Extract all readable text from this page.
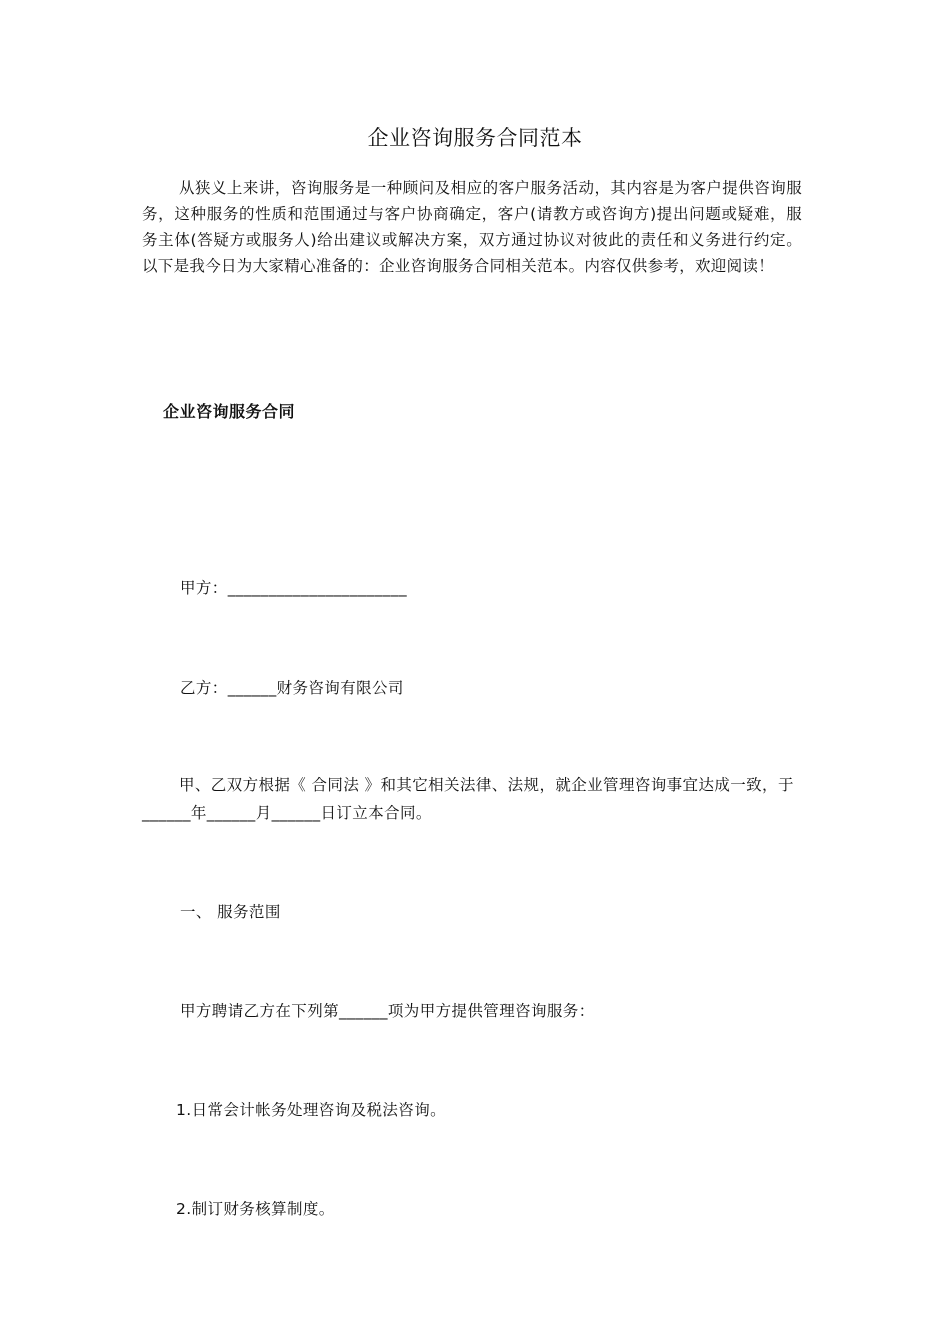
企业咨询服务合同范本
从狭义上来讲，咨询服务是一种顾问及相应的客户服务活动，其内容是为客户提供咨询服务，这种服务的性质和范围通过与客户协商确定，客户(请教方或咨询方)提出问题或疑难，服务主体(答疑方或服务人)给出建议或解决方案，双方通过协议对彼此的责任和义务进行约定。以下是我今日为大家精心准备的：企业咨询服务合同相关范本。内容仅供参考，欢迎阅读！
企业咨询服务合同
甲方：______________________
乙方：______财务咨询有限公司
甲、乙双方根据《 合同法 》和其它相关法律、法规，就企业管理咨询事宜达成一致，于______年______月______日订立本合同。
一、 服务范围
甲方聘请乙方在下列第______项为甲方提供管理咨询服务：
1.日常会计帐务处理咨询及税法咨询。
2.制订财务核算制度。
